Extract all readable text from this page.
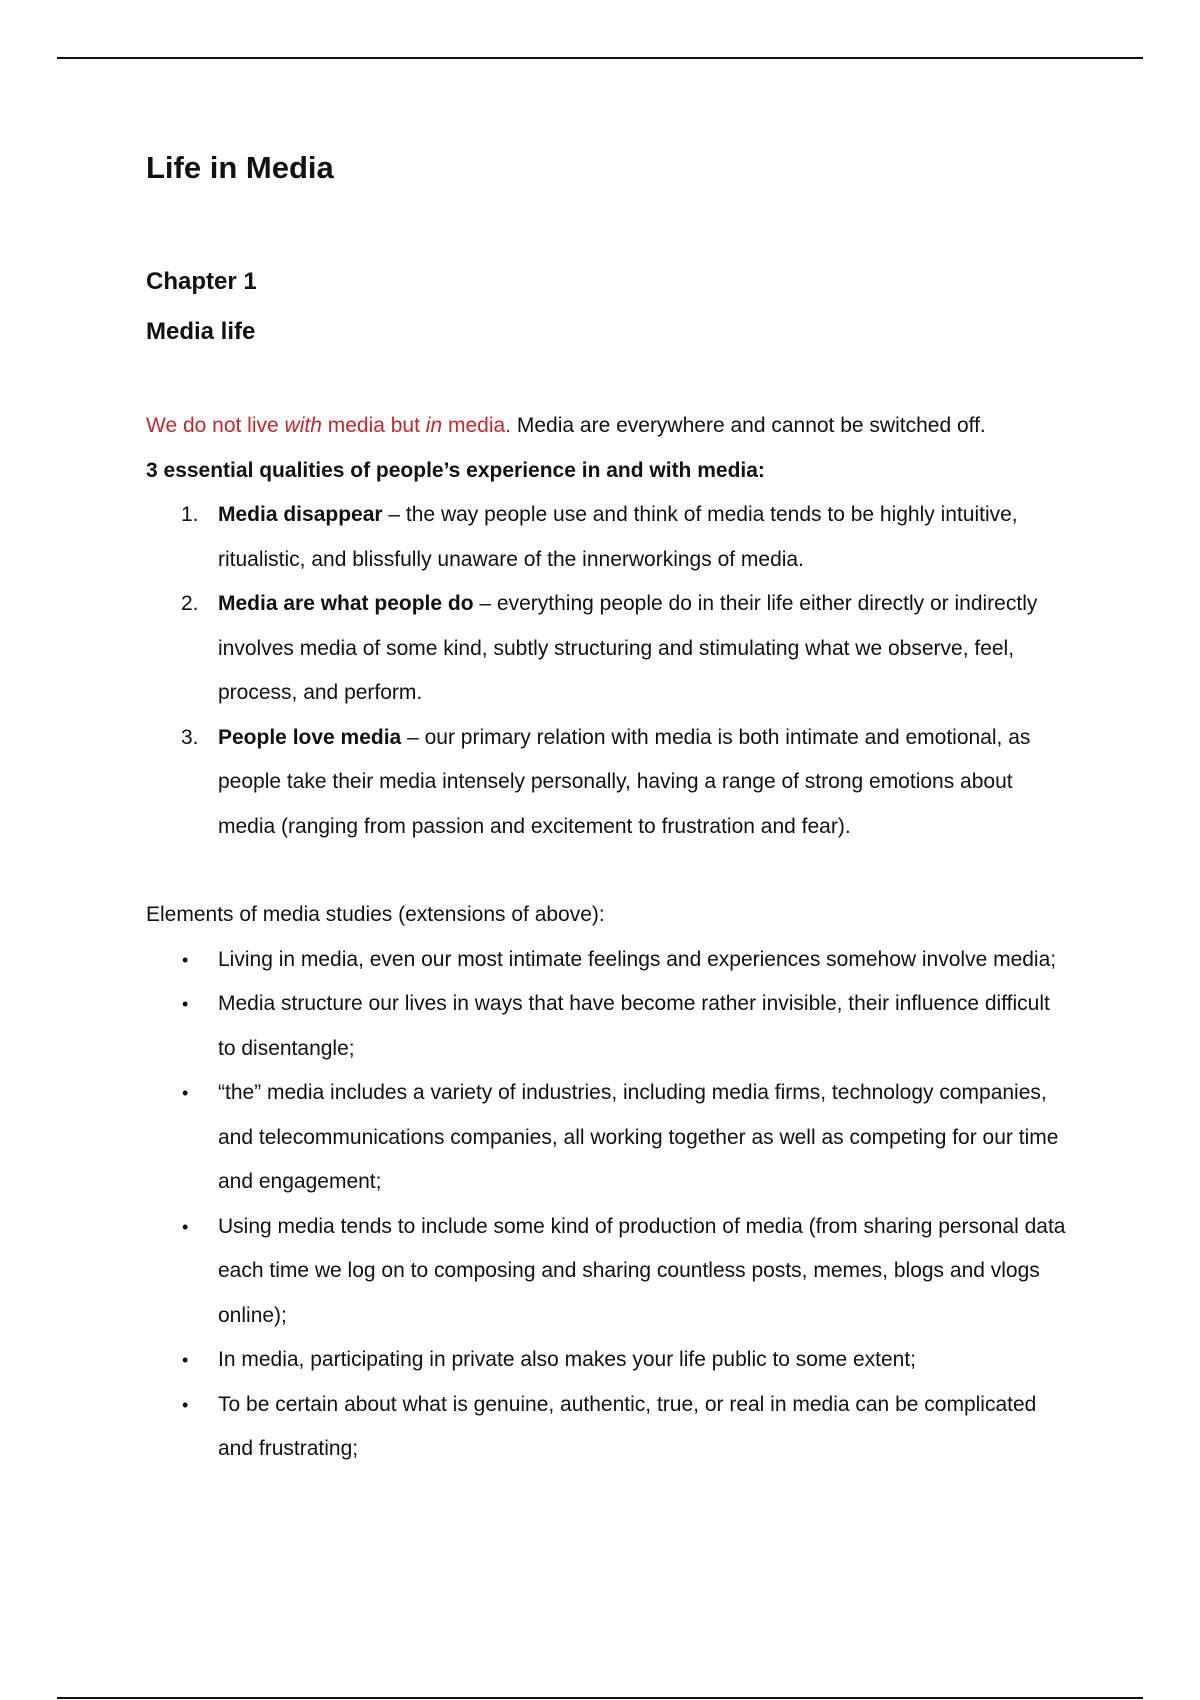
Life in Media
Chapter 1
Media life

We do not live with media but in media. Media are everywhere and cannot be switched off.

3 essential qualities of people’s experience in and with media:

1. Media disappear – the way people use and think of media tends to be highly intuitive, ritualistic, and blissfully unaware of the innerworkings of media.
2. Media are what people do – everything people do in their life either directly or indirectly involves media of some kind, subtly structuring and stimulating what we observe, feel, process, and perform.
3. People love media – our primary relation with media is both intimate and emotional, as people take their media intensely personally, having a range of strong emotions about media (ranging from passion and excitement to frustration and fear).

Elements of media studies (extensions of above):

• Living in media, even our most intimate feelings and experiences somehow involve media;
• Media structure our lives in ways that have become rather invisible, their influence difficult to disentangle;
• “the” media includes a variety of industries, including media firms, technology companies, and telecommunications companies, all working together as well as competing for our time and engagement;
• Using media tends to include some kind of production of media (from sharing personal data each time we log on to composing and sharing countless posts, memes, blogs and vlogs online);
• In media, participating in private also makes your life public to some extent;
• To be certain about what is genuine, authentic, true, or real in media can be complicated and frustrating;
